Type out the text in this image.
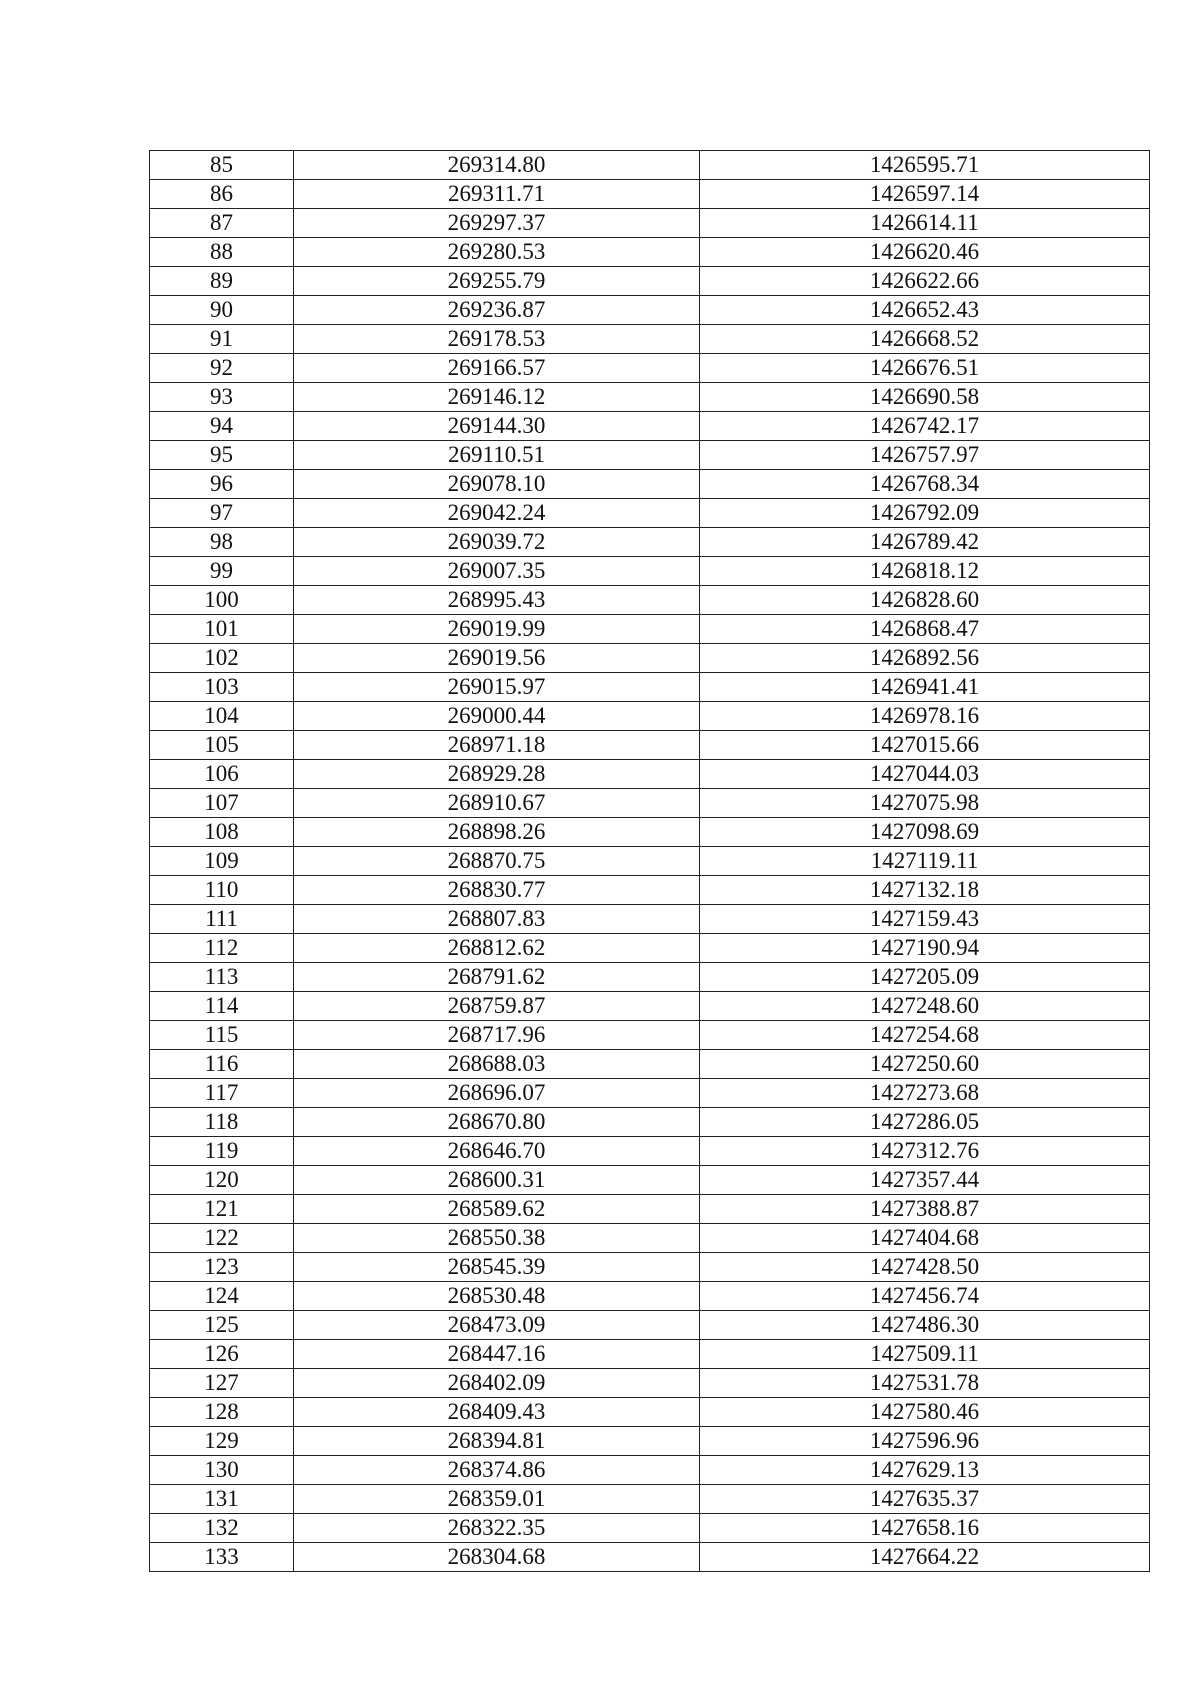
85	269314.80	1426595.71
86	269311.71	1426597.14
87	269297.37	1426614.11
88	269280.53	1426620.46
89	269255.79	1426622.66
90	269236.87	1426652.43
91	269178.53	1426668.52
92	269166.57	1426676.51
93	269146.12	1426690.58
94	269144.30	1426742.17
95	269110.51	1426757.97
96	269078.10	1426768.34
97	269042.24	1426792.09
98	269039.72	1426789.42
99	269007.35	1426818.12
100	268995.43	1426828.60
101	269019.99	1426868.47
102	269019.56	1426892.56
103	269015.97	1426941.41
104	269000.44	1426978.16
105	268971.18	1427015.66
106	268929.28	1427044.03
107	268910.67	1427075.98
108	268898.26	1427098.69
109	268870.75	1427119.11
110	268830.77	1427132.18
111	268807.83	1427159.43
112	268812.62	1427190.94
113	268791.62	1427205.09
114	268759.87	1427248.60
115	268717.96	1427254.68
116	268688.03	1427250.60
117	268696.07	1427273.68
118	268670.80	1427286.05
119	268646.70	1427312.76
120	268600.31	1427357.44
121	268589.62	1427388.87
122	268550.38	1427404.68
123	268545.39	1427428.50
124	268530.48	1427456.74
125	268473.09	1427486.30
126	268447.16	1427509.11
127	268402.09	1427531.78
128	268409.43	1427580.46
129	268394.81	1427596.96
130	268374.86	1427629.13
131	268359.01	1427635.37
132	268322.35	1427658.16
133	268304.68	1427664.22
